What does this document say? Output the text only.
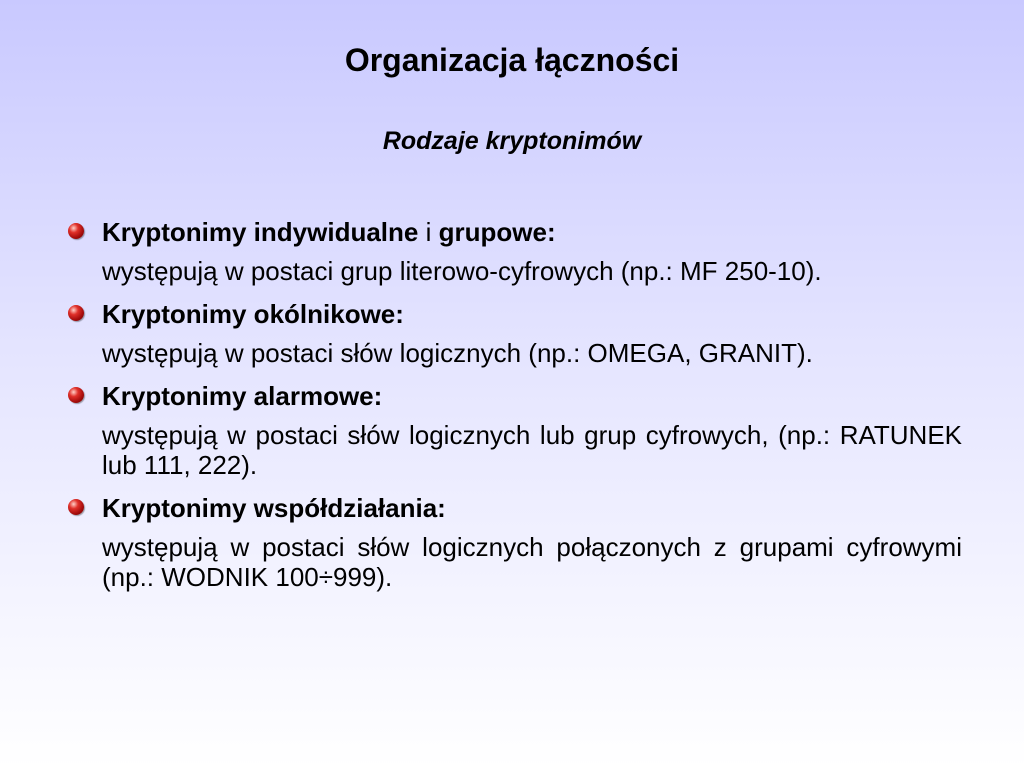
Organizacja łączności
Rodzaje kryptonimów
Kryptonimy indywidualne i grupowe:
występują w postaci grup literowo-cyfrowych (np.: MF 250-10).
Kryptonimy okólnikowe:
występują w postaci słów logicznych (np.: OMEGA, GRANIT).
Kryptonimy alarmowe:
występują w postaci słów logicznych lub grup cyfrowych, (np.: RATUNEK lub 111, 222).
Kryptonimy współdziałania:
występują w postaci słów logicznych połączonych z grupami cyfrowymi (np.: WODNIK 100÷999).
